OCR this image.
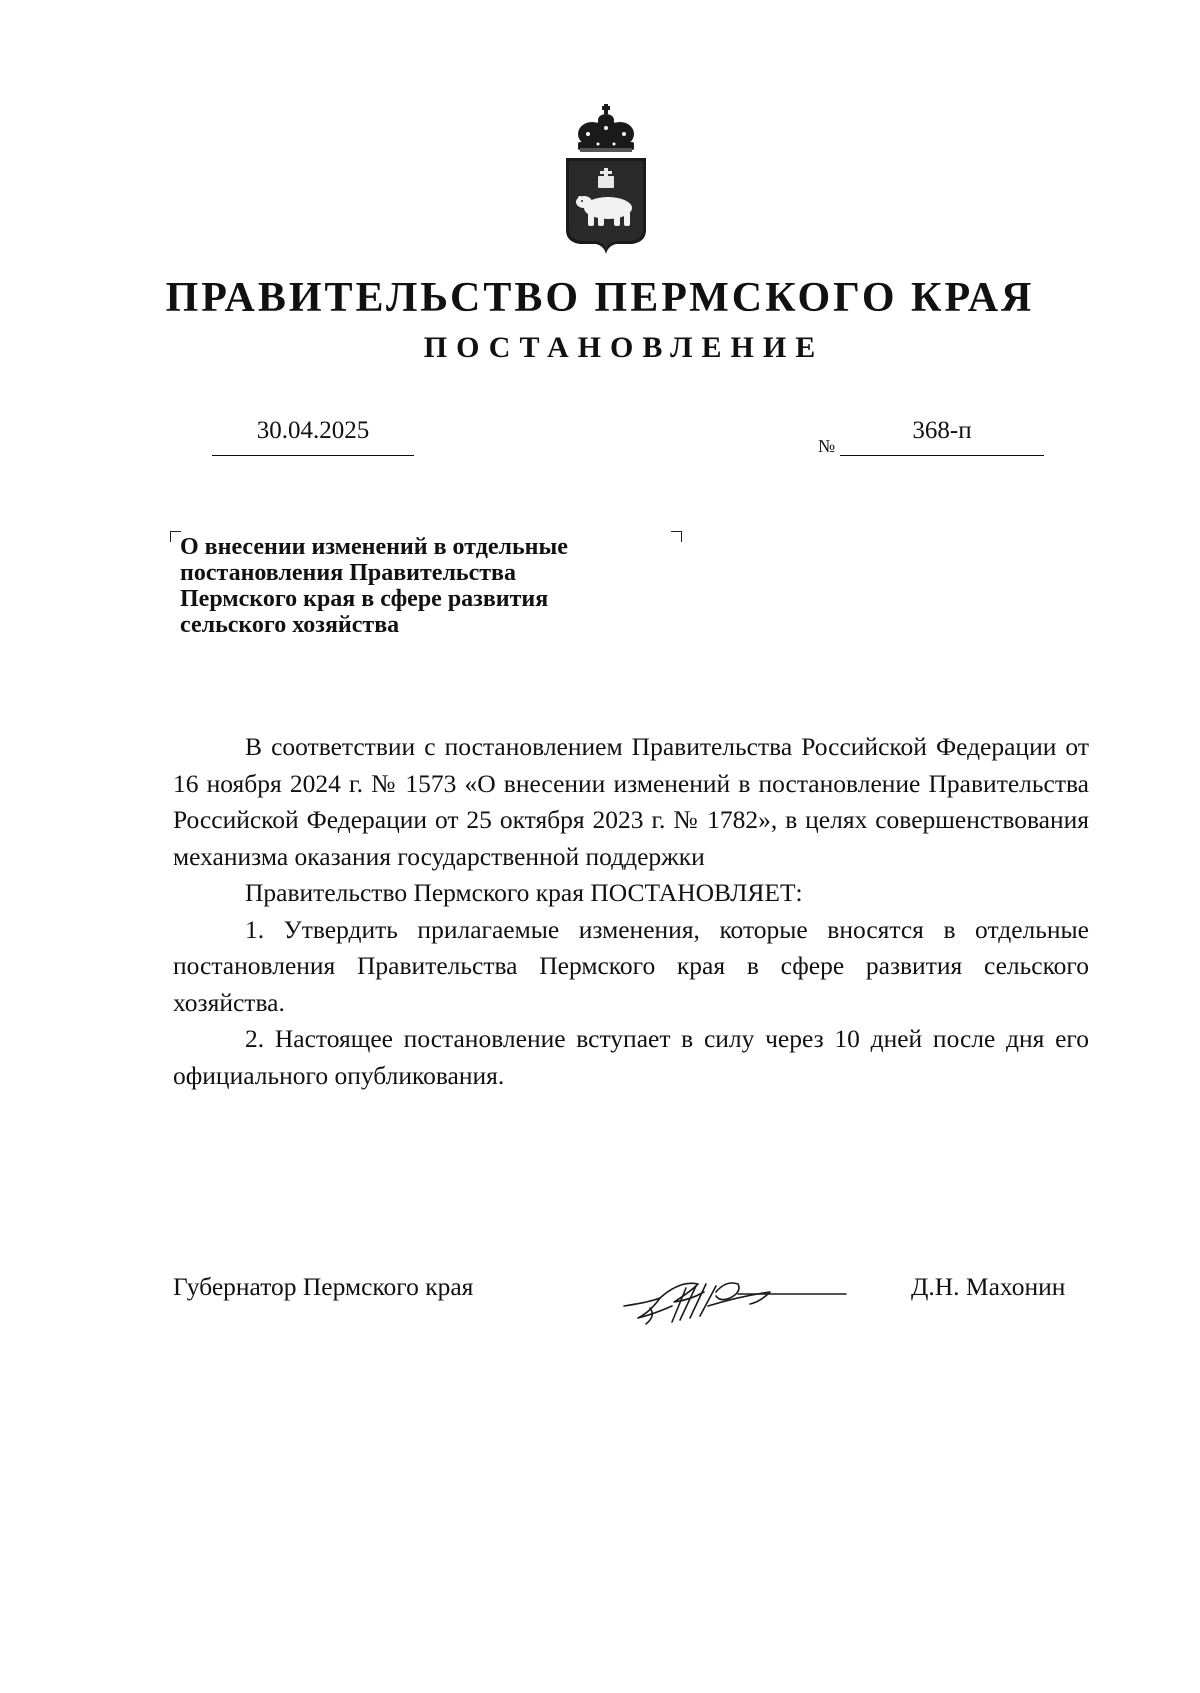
ПРАВИТЕЛЬСТВО ПЕРМСКОГО КРАЯ
ПОСТАНОВЛЕНИЕ
30.04.2025
№
368-п
О внесении изменений в отдельные
постановления Правительства
Пермского края в сфере развития
сельского хозяйства

В соответствии с постановлением Правительства Российской Федерации от 16 ноября 2024 г. № 1573 «О внесении изменений в постановление Правительства Российской Федерации от 25 октября 2023 г. № 1782», в целях совершенствования механизма оказания государственной поддержки

Правительство Пермского края ПОСТАНОВЛЯЕТ:

1. Утвердить прилагаемые изменения, которые вносятся в отдельные постановления Правительства Пермского края в сфере развития сельского хозяйства.

2. Настоящее постановление вступает в силу через 10 дней после дня его официального опубликования.

Губернатор Пермского края	Д.Н. Махонин
